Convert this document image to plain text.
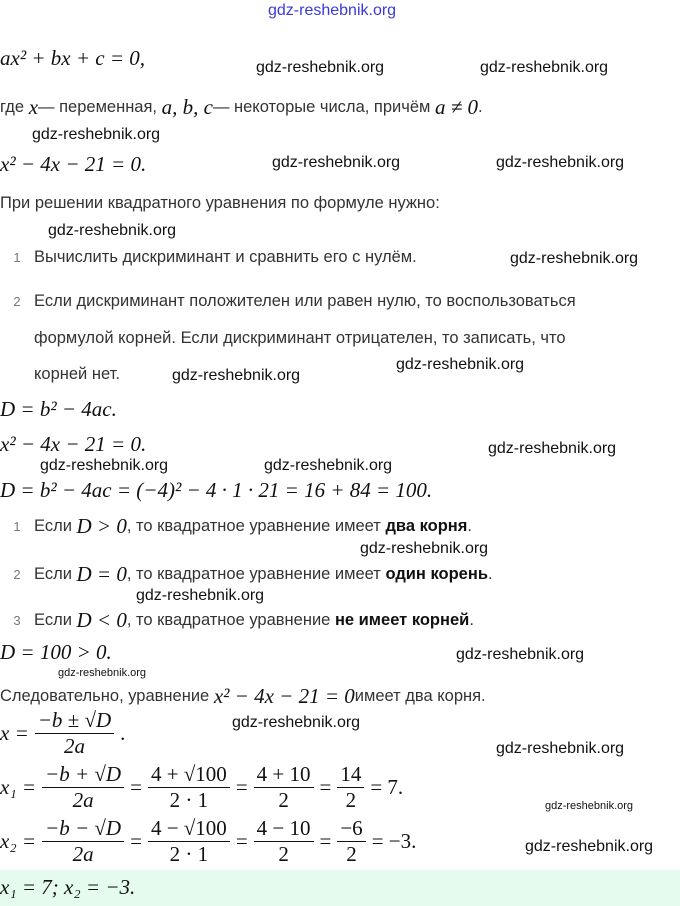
ax² + bx + c = 0,
где
x — переменная,
a, b, c — некоторые числа, причём
a ≠ 0 .
x² − 4x − 21 = 0.
При решении квадратного уравнения по формуле нужно:
1 Вычислить дискриминант и сравнить его с нулём.
2 Если дискриминант положителен или равен нулю, то воспользоваться
формулой корней. Если дискриминант отрицателен, то записать, что
корней нет.
D = b² − 4ac.
x² − 4x − 21 = 0.
D = b² − 4ac = (−4)² − 4 · 1 · 21 = 16 + 84 = 100.
1 Если
D > 0 , то квадратное уравнение имеет
два корня .
2 Если
D = 0 , то квадратное уравнение имеет
один корень .
3 Если
D < 0 , то квадратное уравнение
не имеет корней .
D = 100 > 0.
Следовательно, уравнение
x² − 4x − 21 = 0 имеет два корня.
$x = \frac{-b \pm √D}{2a}$ .
$x_1 = \frac{-b + √D}{2a} = \frac{4 + √100}{2 \cdot 1} = \frac{4 + 10}{2} = \frac{14}{2} = 7$.
$x_2 = \frac{-b - √D}{2a} = \frac{4 - √100}{2 \cdot 1} = \frac{4 - 10}{2} = \frac{-6}{2} = -3$.
x₁ = 7; x₂ = −3.
gdz-reshebnik.org
gdz-reshebnik.org	gdz-reshebnik.org
gdz-reshebnik.org
gdz-reshebnik.org	gdz-reshebnik.org
gdz-reshebnik.org
gdz-reshebnik.org
gdz-reshebnik.org
gdz-reshebnik.org
gdz-reshebnik.org
gdz-reshebnik.org
gdz-reshebnik.org
gdz-reshebnik.org
gdz-reshebnik.org
gdz-reshebnik.org
gdz-reshebnik.org
gdz-reshebnik.org
gdz-reshebnik.org
gdz-reshebnik.org
gdz-reshebnik.org
